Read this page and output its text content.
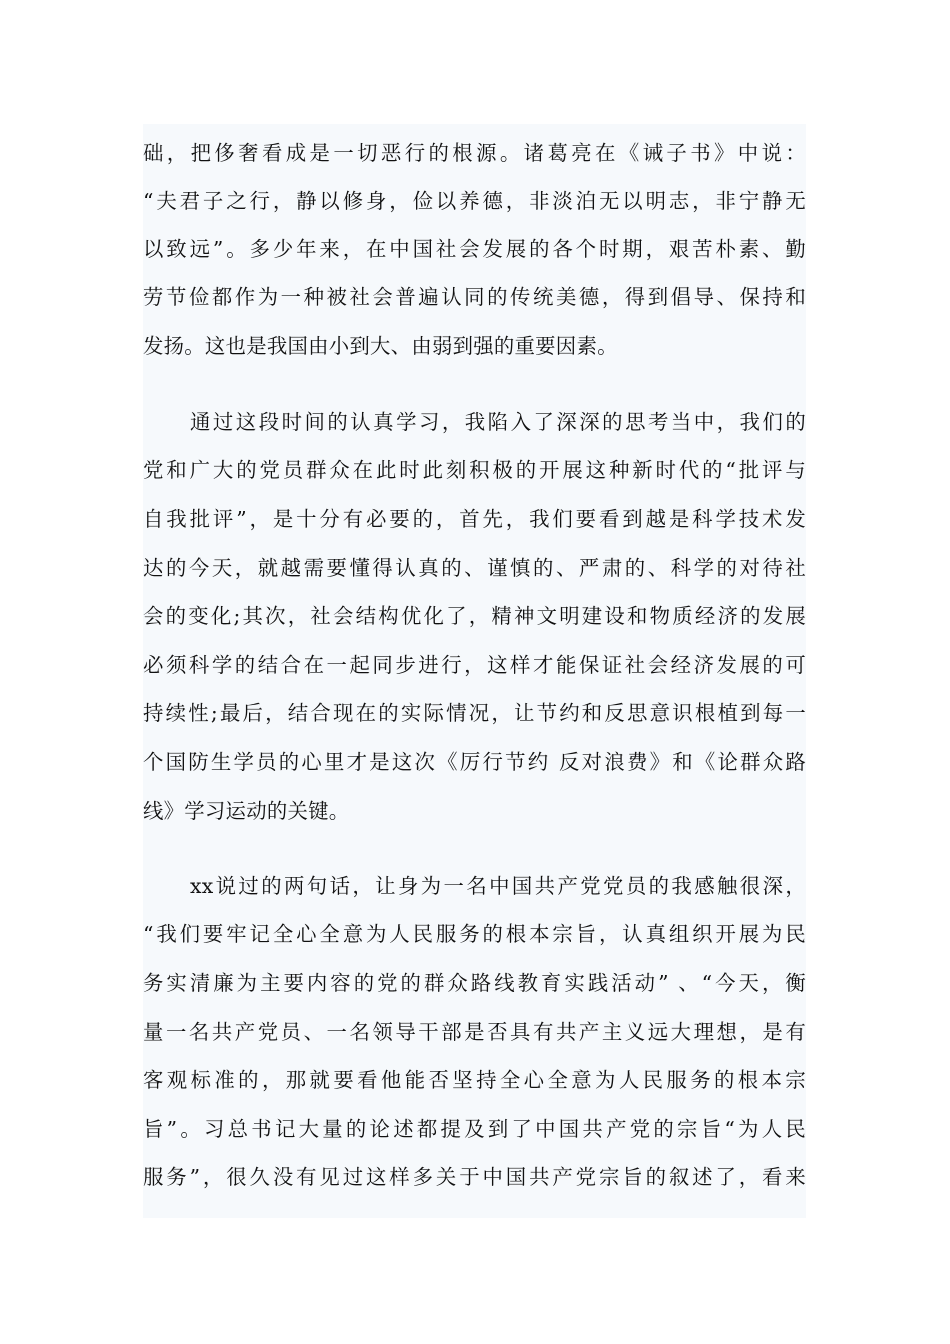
础，把侈奢看成是一切恶行的根源。诸葛亮在《诫子书》中说：
“夫君子之行，静以修身，俭以养德，非淡泊无以明志，非宁静无
以致远”。多少年来，在中国社会发展的各个时期，艰苦朴素、勤
劳节俭都作为一种被社会普遍认同的传统美德，得到倡导、保持和
发扬。这也是我国由小到大、由弱到强的重要因素。
通过这段时间的认真学习，我陷入了深深的思考当中，我们的
党和广大的党员群众在此时此刻积极的开展这种新时代的“批评与
自我批评”，是十分有必要的，首先，我们要看到越是科学技术发
达的今天，就越需要懂得认真的、谨慎的、严肃的、科学的对待社
会的变化;其次，社会结构优化了，精神文明建设和物质经济的发展
必须科学的结合在一起同步进行，这样才能保证社会经济发展的可
持续性;最后，结合现在的实际情况，让节约和反思意识根植到每一
个国防生学员的心里才是这次《厉行节约 反对浪费》和《论群众路
线》学习运动的关键。
xx说过的两句话，让身为一名中国共产党党员的我感触很深，
“我们要牢记全心全意为人民服务的根本宗旨，认真组织开展为民
务实清廉为主要内容的党的群众路线教育实践活动” 、“今天，衡
量一名共产党员、一名领导干部是否具有共产主义远大理想，是有
客观标准的，那就要看他能否坚持全心全意为人民服务的根本宗
旨”。习总书记大量的论述都提及到了中国共产党的宗旨“为人民
服务”，很久没有见过这样多关于中国共产党宗旨的叙述了，看来
